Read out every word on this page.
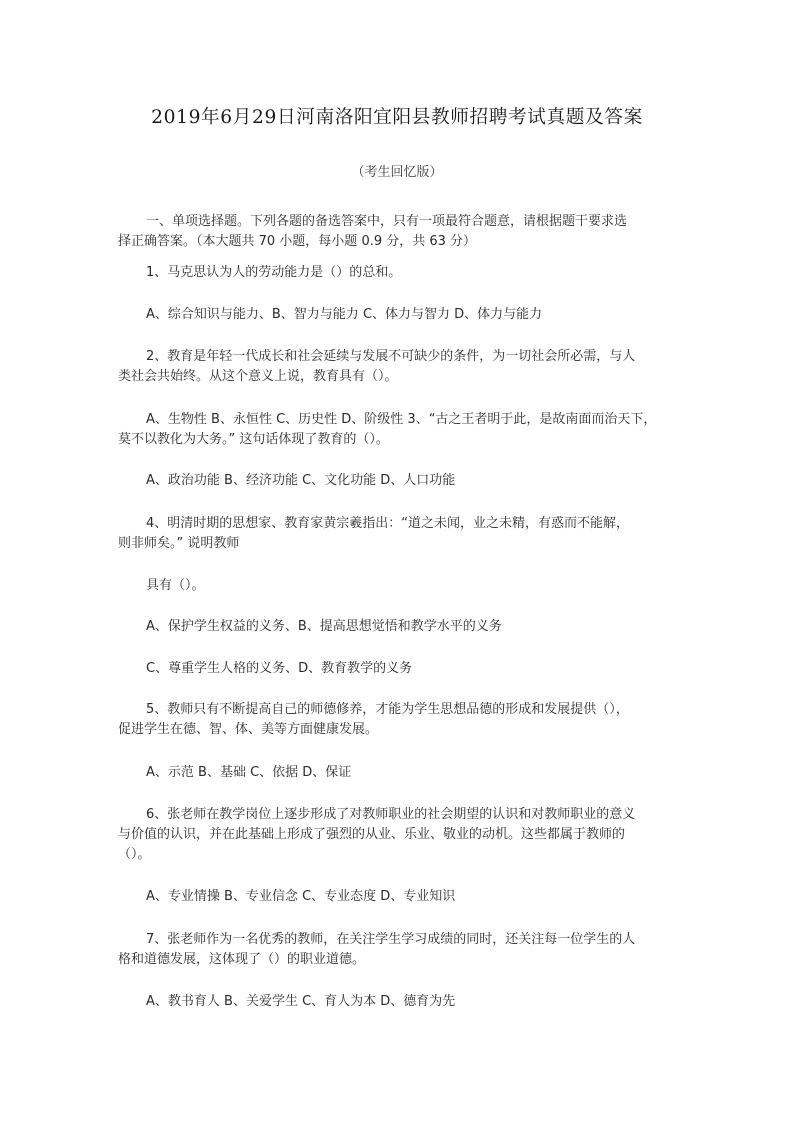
2019年6月29日河南洛阳宜阳县教师招聘考试真题及答案
（考生回忆版）
一、单项选择题。下列各题的备选答案中，只有一项最符合题意，请根据题干要求选
择正确答案。（本大题共 70 小题，每小题 0.9 分，共 63 分）
1、马克思认为人的劳动能力是（）的总和。
A、综合知识与能力、B、智力与能力 C、体力与智力 D、体力与能力
2、教育是年轻一代成长和社会延续与发展不可缺少的条件，为一切社会所必需，与人
类社会共始终。从这个意义上说，教育具有（）。
A、生物性 B、永恒性 C、历史性 D、阶级性 3、“古之王者明于此，是故南面而治天下，
莫不以教化为大务。” 这句话体现了教育的（）。
A、政治功能 B、经济功能 C、文化功能 D、人口功能
4、明清时期的思想家、教育家黄宗羲指出：“道之未闻，业之未精，有惑而不能解，
则非师矣。” 说明教师
具有（）。
A、保护学生权益的义务、B、提高思想觉悟和教学水平的义务
C、尊重学生人格的义务、D、教育教学的义务
5、教师只有不断提高自己的师德修养，才能为学生思想品德的形成和发展提供（），
促进学生在德、智、体、美等方面健康发展。
A、示范 B、基础 C、依据 D、保证
6、张老师在教学岗位上逐步形成了对教师职业的社会期望的认识和对教师职业的意义
与价值的认识，并在此基础上形成了强烈的从业、乐业、敬业的动机。这些都属于教师的
（）。
A、专业情操 B、专业信念 C、专业态度 D、专业知识
7、张老师作为一名优秀的教师，在关注学生学习成绩的同时，还关注每一位学生的人
格和道德发展，这体现了（）的职业道德。
A、教书育人 B、关爱学生 C、育人为本 D、德育为先
